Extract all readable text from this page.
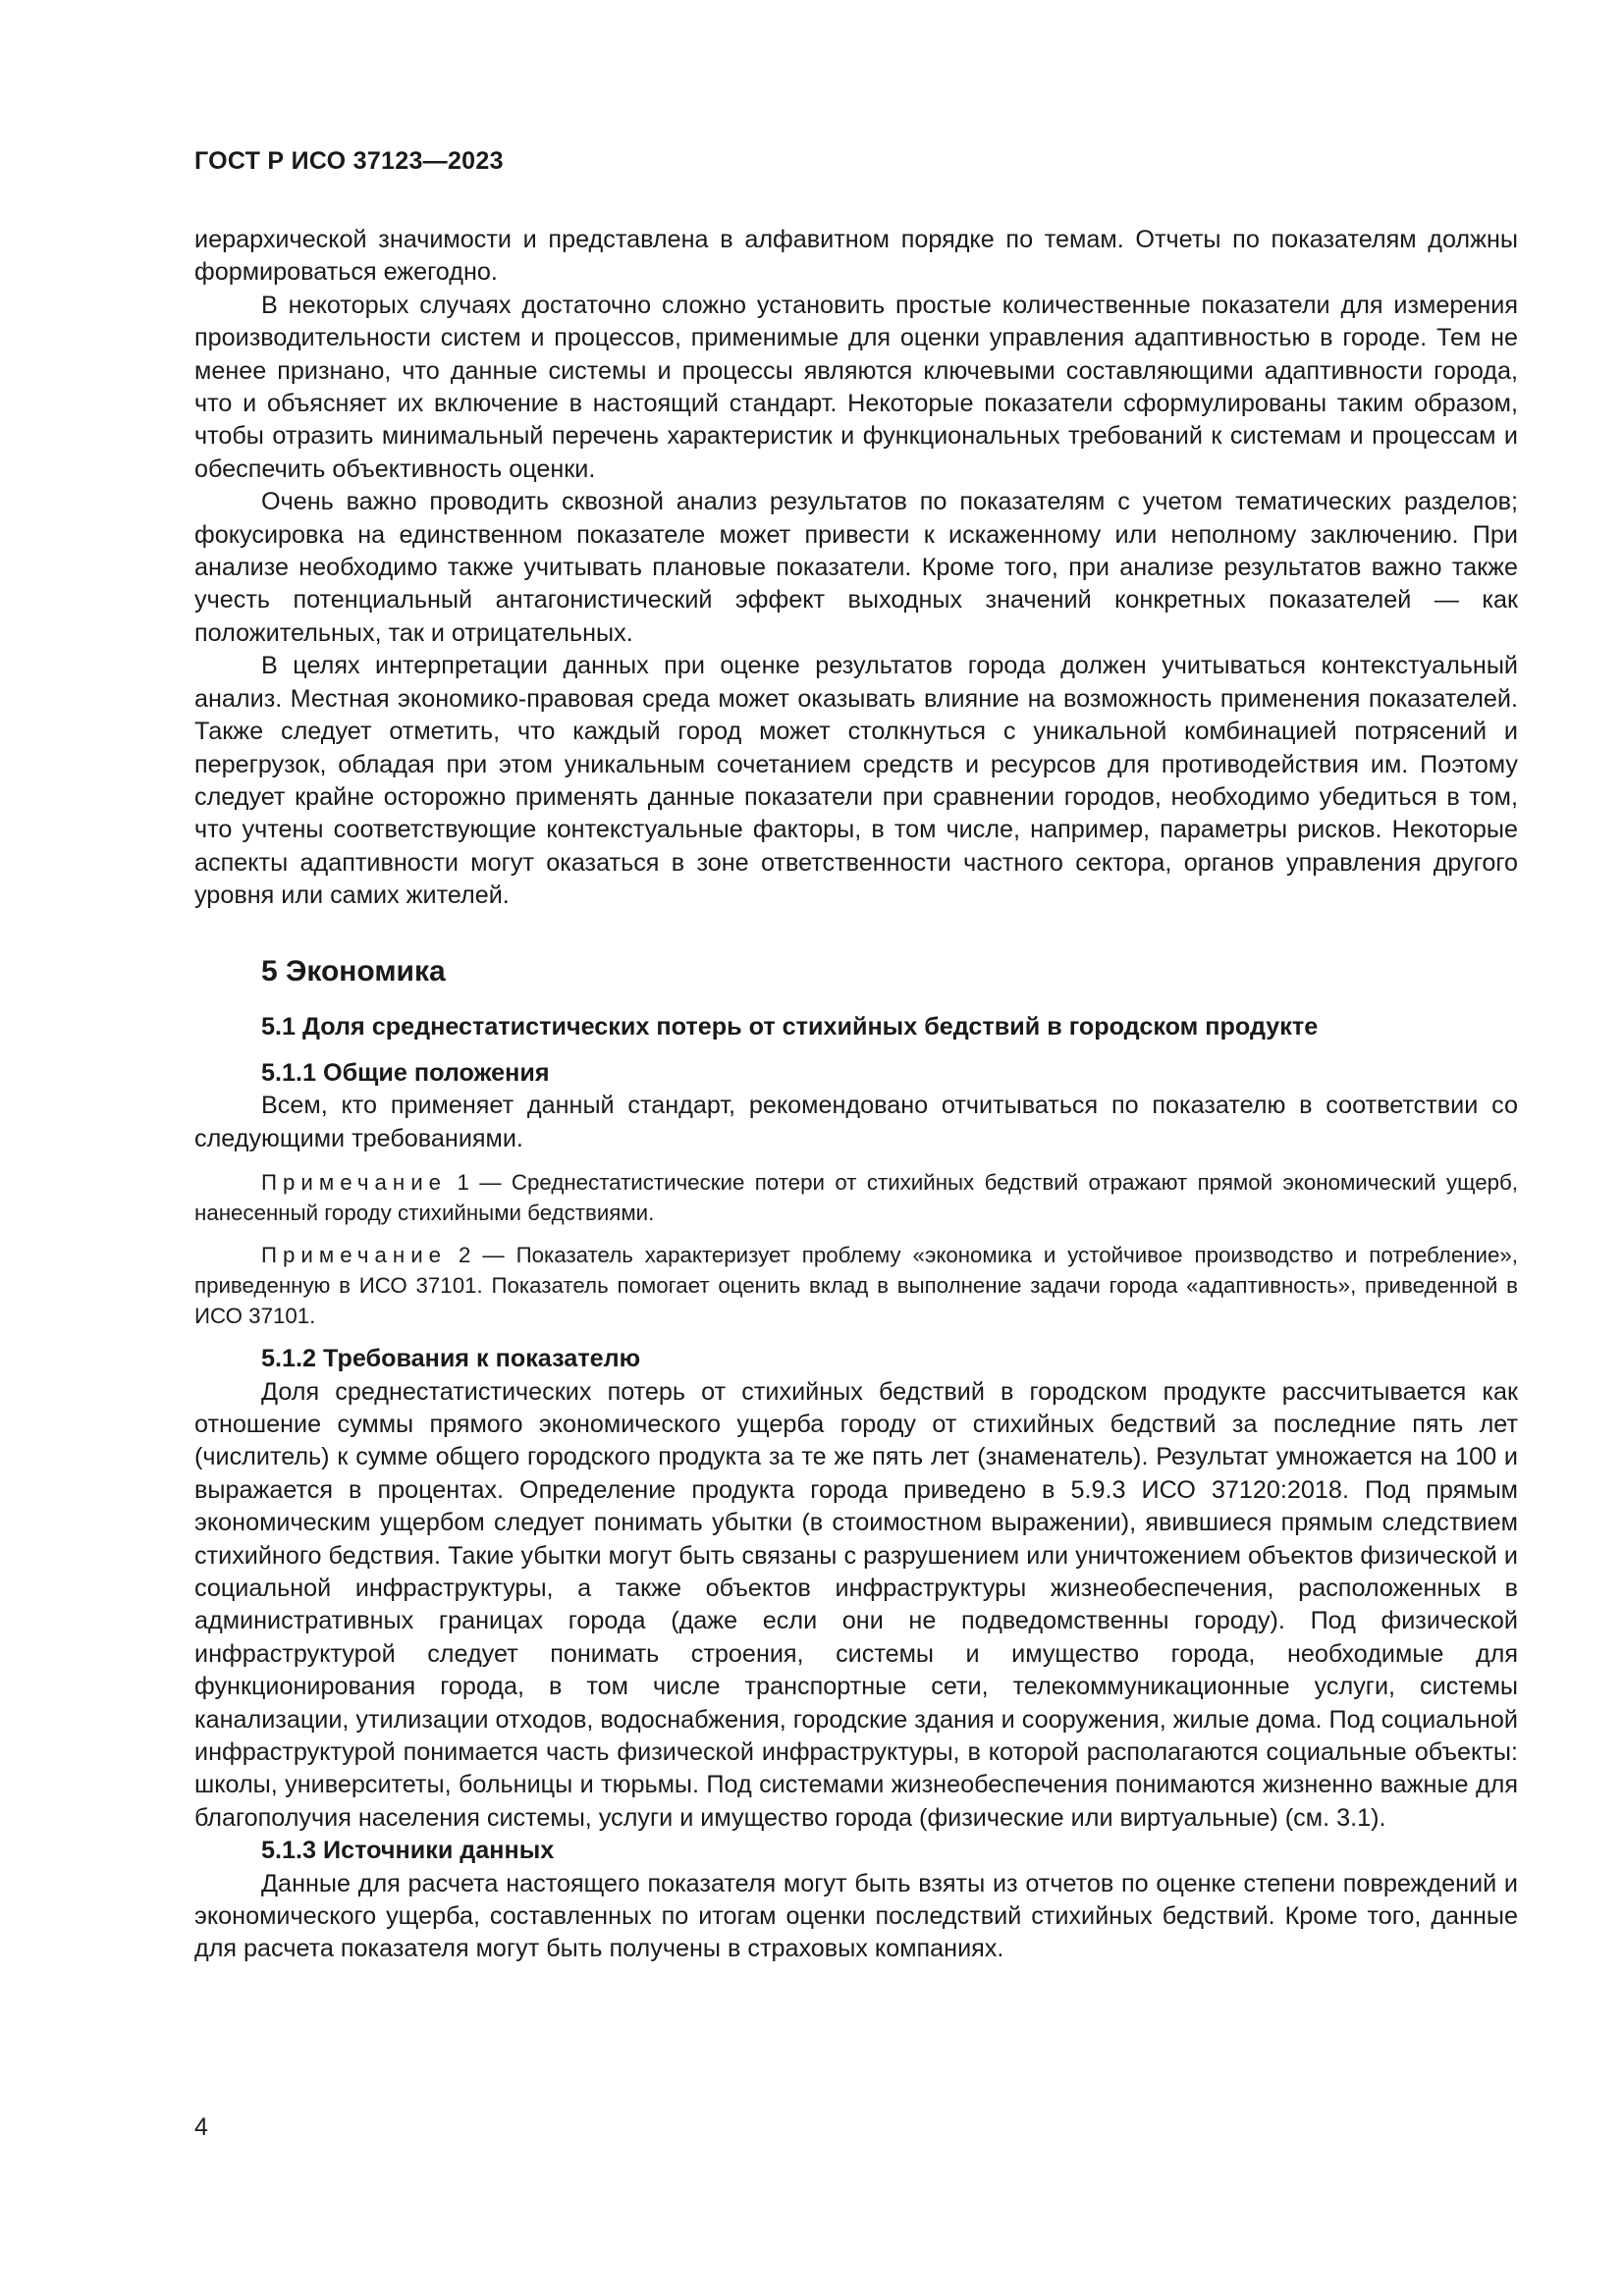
ГОСТ Р ИСО 37123—2023

иерархической значимости и представлена в алфавитном порядке по темам. Отчеты по показателям должны формироваться ежегодно.

В некоторых случаях достаточно сложно установить простые количественные показатели для измерения производительности систем и процессов, применимые для оценки управления адаптивностью в городе. Тем не менее признано, что данные системы и процессы являются ключевыми составляющими адаптивности города, что и объясняет их включение в настоящий стандарт. Некоторые показатели сформулированы таким образом, чтобы отразить минимальный перечень характеристик и функциональных требований к системам и процессам и обеспечить объективность оценки.

Очень важно проводить сквозной анализ результатов по показателям с учетом тематических разделов; фокусировка на единственном показателе может привести к искаженному или неполному заключению. При анализе необходимо также учитывать плановые показатели. Кроме того, при анализе результатов важно также учесть потенциальный антагонистический эффект выходных значений конкретных показателей — как положительных, так и отрицательных.

В целях интерпретации данных при оценке результатов города должен учитываться контекстуальный анализ. Местная экономико-правовая среда может оказывать влияние на возможность применения показателей. Также следует отметить, что каждый город может столкнуться с уникальной комбинацией потрясений и перегрузок, обладая при этом уникальным сочетанием средств и ресурсов для противодействия им. Поэтому следует крайне осторожно применять данные показатели при сравнении городов, необходимо убедиться в том, что учтены соответствующие контекстуальные факторы, в том числе, например, параметры рисков. Некоторые аспекты адаптивности могут оказаться в зоне ответственности частного сектора, органов управления другого уровня или самих жителей.

5 Экономика

5.1 Доля среднестатистических потерь от стихийных бедствий в городском продукте

5.1.1 Общие положения

Всем, кто применяет данный стандарт, рекомендовано отчитываться по показателю в соответствии со следующими требованиями.

Примечание 1 — Среднестатистические потери от стихийных бедствий отражают прямой экономический ущерб, нанесенный городу стихийными бедствиями.

Примечание 2 — Показатель характеризует проблему «экономика и устойчивое производство и потребление», приведенную в ИСО 37101. Показатель помогает оценить вклад в выполнение задачи города «адаптивность», приведенной в ИСО 37101.

5.1.2 Требования к показателю

Доля среднестатистических потерь от стихийных бедствий в городском продукте рассчитывается как отношение суммы прямого экономического ущерба городу от стихийных бедствий за последние пять лет (числитель) к сумме общего городского продукта за те же пять лет (знаменатель). Результат умножается на 100 и выражается в процентах. Определение продукта города приведено в 5.9.3 ИСО 37120:2018. Под прямым экономическим ущербом следует понимать убытки (в стоимостном выражении), явившиеся прямым следствием стихийного бедствия. Такие убытки могут быть связаны с разрушением или уничтожением объектов физической и социальной инфраструктуры, а также объектов инфраструктуры жизнеобеспечения, расположенных в административных границах города (даже если они не подведомственны городу). Под физической инфраструктурой следует понимать строения, системы и имущество города, необходимые для функционирования города, в том числе транспортные сети, телекоммуникационные услуги, системы канализации, утилизации отходов, водоснабжения, городские здания и сооружения, жилые дома. Под социальной инфраструктурой понимается часть физической инфраструктуры, в которой располагаются социальные объекты: школы, университеты, больницы и тюрьмы. Под системами жизнеобеспечения понимаются жизненно важные для благополучия населения системы, услуги и имущество города (физические или виртуальные) (см. 3.1).

5.1.3 Источники данных

Данные для расчета настоящего показателя могут быть взяты из отчетов по оценке степени повреждений и экономического ущерба, составленных по итогам оценки последствий стихийных бедствий. Кроме того, данные для расчета показателя могут быть получены в страховых компаниях.

4
